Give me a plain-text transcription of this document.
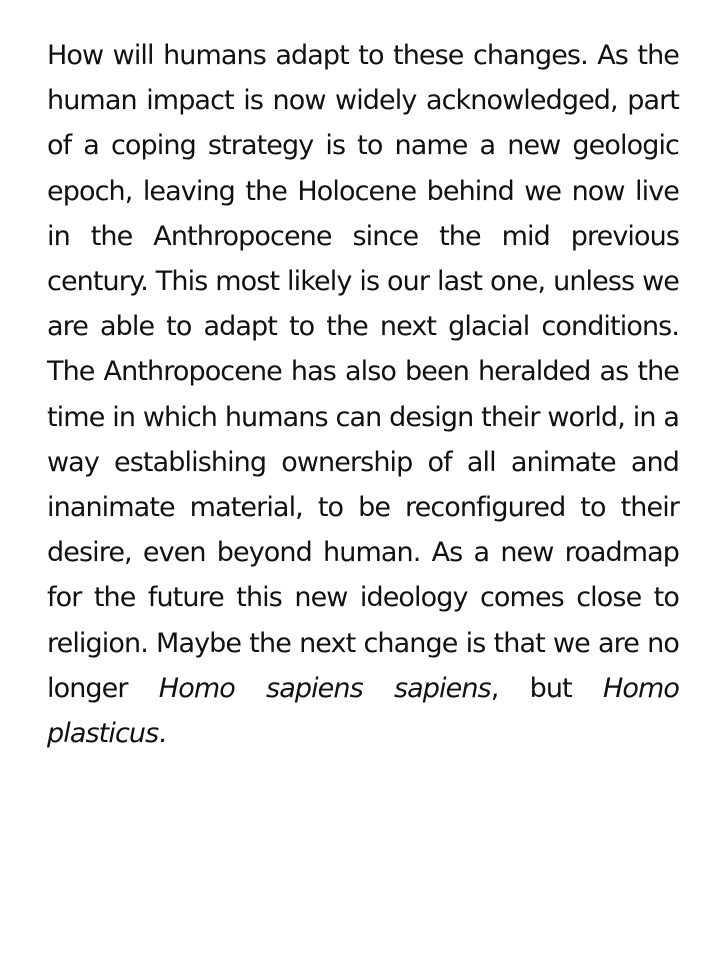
How will humans adapt to these changes. As the human impact is now widely acknowledged, part of a coping strategy is to name a new geologic epoch, leaving the Holocene behind we now live in the Anthropocene since the mid previous century. This most likely is our last one, unless we are able to adapt to the next glacial conditions. The Anthropocene has also been heralded as the time in which humans can design their world, in a way establishing ownership of all animate and inanimate material, to be reconfigured to their desire, even beyond human. As a new roadmap for the future this new ideology comes close to religion. Maybe the next change is that we are no longer Homo sapiens sapiens, but Homo plasticus.
